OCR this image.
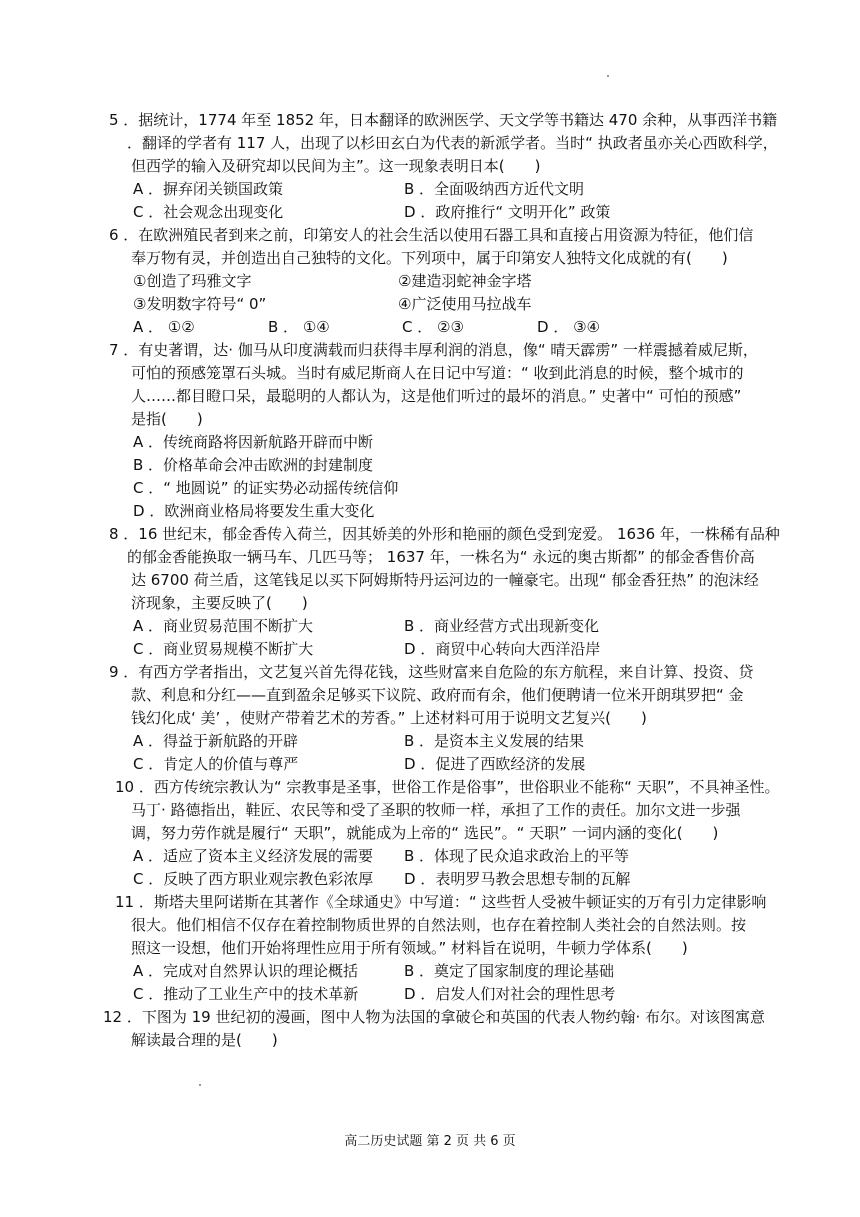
5 ．据统计，1774 年至 1852 年，日本翻译的欧洲医学、天文学等书籍达 470 余种，从事西洋书籍
．翻译的学者有 117 人，出现了以杉田玄白为代表的新派学者。当时“ 执政者虽亦关心西欧科学，
但西学的输入及研究却以民间为主”。这一现象表明日本(　　)
A ．摒弃闭关锁国政策	B ．全面吸纳西方近代文明
C ．社会观念出现变化	D ．政府推行“ 文明开化” 政策
6 ．在欧洲殖民者到来之前，印第安人的社会生活以使用石器工具和直接占用资源为特征，他们信
奉万物有灵，并创造出自己独特的文化。下列项中，属于印第安人独特文化成就的有(　　)
①创造了玛雅文字	②建造羽蛇神金字塔
③发明数字符号“ 0”	④广泛使用马拉战车
A ． ①②	B ． ①④	C ． ②③	D ． ③④
7 ．有史著谓，达· 伽马从印度满载而归获得丰厚利润的消息，像“ 晴天霹雳” 一样震撼着威尼斯，
可怕的预感笼罩石头城。当时有威尼斯商人在日记中写道：“ 收到此消息的时候，整个城市的
人……都目瞪口呆，最聪明的人都认为，这是他们听过的最坏的消息。” 史著中“ 可怕的预感”
是指(　　)
A ．传统商路将因新航路开辟而中断
B ．价格革命会冲击欧洲的封建制度
C ．“ 地圆说” 的证实势必动摇传统信仰
D ．欧洲商业格局将要发生重大变化
8 ．16 世纪末，郁金香传入荷兰，因其娇美的外形和艳丽的颜色受到宠爱。 1636 年，一株稀有品种
的郁金香能换取一辆马车、几匹马等； 1637 年，一株名为“ 永远的奥古斯都” 的郁金香售价高
达 6700 荷兰盾，这笔钱足以买下阿姆斯特丹运河边的一幢豪宅。出现“ 郁金香狂热” 的泡沫经
济现象，主要反映了(　　)
A ．商业贸易范围不断扩大	B ．商业经营方式出现新变化
C ．商业贸易规模不断扩大	D ．商贸中心转向大西洋沿岸
9 ．有西方学者指出，文艺复兴首先得花钱，这些财富来自危险的东方航程，来自计算、投资、贷
款、利息和分红——直到盈余足够买下议院、政府而有余，他们便聘请一位米开朗琪罗把“ 金
钱幻化成‘ 美’ ，使财产带着艺术的芳香。” 上述材料可用于说明文艺复兴(　　)
A ．得益于新航路的开辟	B ．是资本主义发展的结果
C ．肯定人的价值与尊严	D ．促进了西欧经济的发展
10 ．西方传统宗教认为“ 宗教事是圣事，世俗工作是俗事”，世俗职业不能称“ 天职”，不具神圣性。
马丁· 路德指出，鞋匠、农民等和受了圣职的牧师一样，承担了工作的责任。加尔文进一步强
调，努力劳作就是履行“ 天职”，就能成为上帝的“ 选民”。“ 天职” 一词内涵的变化(　　)
A ．适应了资本主义经济发展的需要 B ．体现了民众追求政治上的平等
C ．反映了西方职业观宗教色彩浓厚 D ．表明罗马教会思想专制的瓦解
11 ．斯塔夫里阿诺斯在其著作《全球通史》中写道：“ 这些哲人受被牛顿证实的万有引力定律影响
很大。他们相信不仅存在着控制物质世界的自然法则，也存在着控制人类社会的自然法则。按
照这一设想，他们开始将理性应用于所有领域。” 材料旨在说明，牛顿力学体系(　　)
A ．完成对自然界认识的理论概括	B ．奠定了国家制度的理论基础
C ．推动了工业生产中的技术革新	D ．启发人们对社会的理性思考
12 ．下图为 19 世纪初的漫画，图中人物为法国的拿破仑和英国的代表人物约翰· 布尔。对该图寓意
解读最合理的是(　　)
高二历史试题 第 2 页 共 6 页
